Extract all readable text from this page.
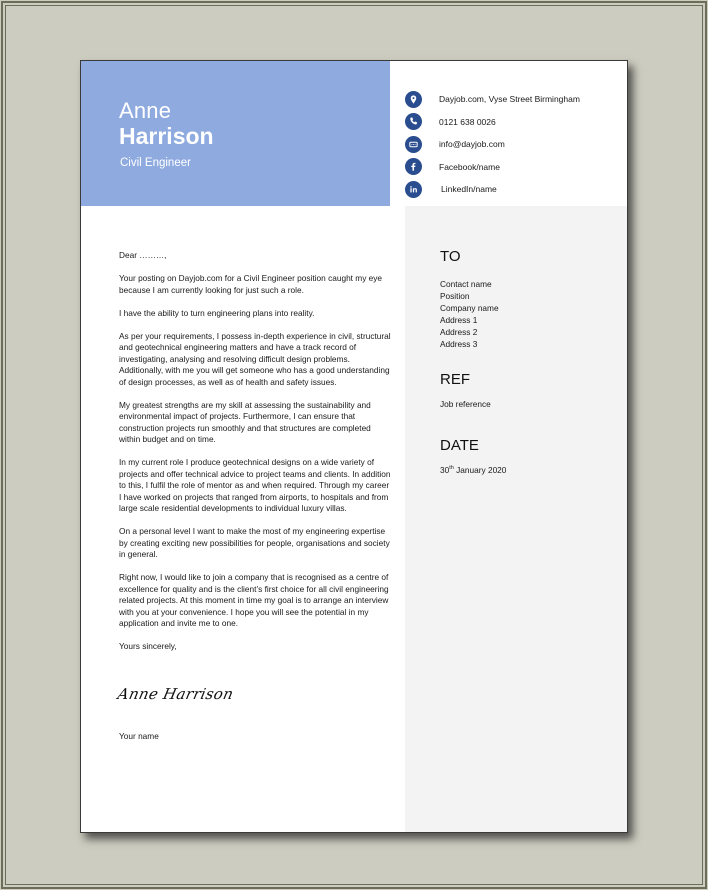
Anne
Harrison
Civil Engineer
Dayjob.com, Vyse Street Birmingham
0121 638 0026
info@dayjob.com
Facebook/name
LinkedIn/name
TO
Contact name
Position
Company name
Address 1
Address 2
Address 3
REF
Job reference
DATE
30th January 2020

Dear ………,

Your posting on Dayjob.com for a Civil Engineer position caught my eye because I am currently looking for just such a role.

I have the ability to turn engineering plans into reality.

As per your requirements, I possess in-depth experience in civil, structural and geotechnical engineering matters and have a track record of investigating, analysing and resolving difficult design problems. Additionally, with me you will get someone who has a good understanding of design processes, as well as of health and safety issues.

My greatest strengths are my skill at assessing the sustainability and environmental impact of projects. Furthermore, I can ensure that construction projects run smoothly and that structures are completed within budget and on time.

In my current role I produce geotechnical designs on a wide variety of projects and offer technical advice to project teams and clients. In addition to this, I fulfil the role of mentor as and when required. Through my career I have worked on projects that ranged from airports, to hospitals and from large scale residential developments to individual luxury villas.

On a personal level I want to make the most of my engineering expertise by creating exciting new possibilities for people, organisations and society in general.

Right now, I would like to join a company that is recognised as a centre of excellence for quality and is the client’s first choice for all civil engineering related projects. At this moment in time my goal is to arrange an interview with you at your convenience. I hope you will see the potential in my application and invite me to one.

Yours sincerely,

Anne Harrison
Your name
